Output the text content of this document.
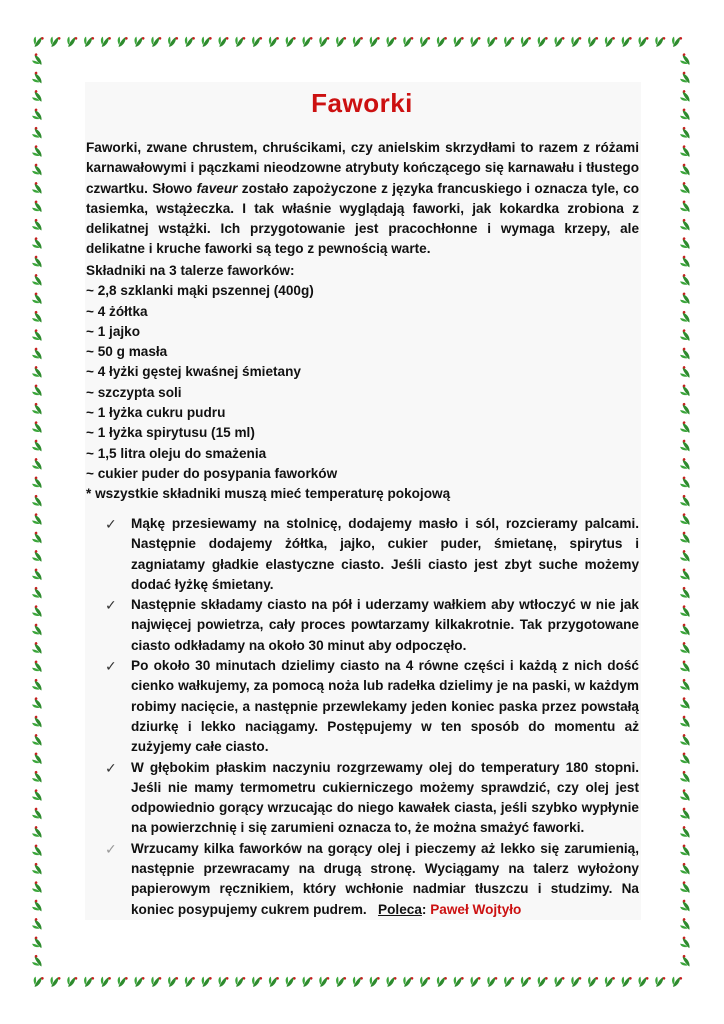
Faworki
Faworki, zwane chrustem, chruścikami, czy anielskim skrzydłami to razem z różami karnawałowymi i pączkami nieodzowne atrybuty kończącego się karnawału i tłustego czwartku. Słowo faveur zostało zapożyczone z języka francuskiego i oznacza tyle, co tasiemka, wstążeczka. I tak właśnie wyglądają faworki, jak kokardka zrobiona z delikatnej wstążki. Ich przygotowanie jest pracochłonne i wymaga krzepy, ale delikatne i kruche faworki są tego z pewnością warte.
Składniki na 3 talerze faworków:
~ 2,8 szklanki mąki pszennej (400g)
~ 4 żółtka
~ 1 jajko
~ 50 g masła
~ 4 łyżki gęstej kwaśnej śmietany
~ szczypta soli
~ 1 łyżka cukru pudru
~ 1 łyżka spirytusu (15 ml)
~ 1,5 litra oleju do smażenia
~ cukier puder do posypania faworków
* wszystkie składniki muszą mieć temperaturę pokojową
✓ Mąkę przesiewamy na stolnicę, dodajemy masło i sól, rozcieramy palcami. Następnie dodajemy żółtka, jajko, cukier puder, śmietanę, spirytus i zagniatamy gładkie elastyczne ciasto. Jeśli ciasto jest zbyt suche możemy dodać łyżkę śmietany.
✓ Następnie składamy ciasto na pół i uderzamy wałkiem aby wtłoczyć w nie jak najwięcej powietrza, cały proces powtarzamy kilkakrotnie. Tak przygotowane ciasto odkładamy na około 30 minut aby odpoczęło.
✓ Po około 30 minutach dzielimy ciasto na 4 równe części i każdą z nich dość cienko wałkujemy, za pomocą noża lub radełka dzielimy je na paski, w każdym robimy nacięcie, a następnie przewlekamy jeden koniec paska przez powstałą dziurkę i lekko naciągamy. Postępujemy w ten sposób do momentu aż zużyjemy całe ciasto.
✓ W głębokim płaskim naczyniu rozgrzewamy olej do temperatury 180 stopni. Jeśli nie mamy termometru cukierniczego możemy sprawdzić, czy olej jest odpowiednio gorący wrzucając do niego kawałek ciasta, jeśli szybko wypłynie na powierzchnię i się zarumieni oznacza to, że można smażyć faworki.
✓ Wrzucamy kilka faworków na gorący olej i pieczemy aż lekko się zarumienią, następnie przewracamy na drugą stronę. Wyciągamy na talerz wyłożony papierowym ręcznikiem, który wchłonie nadmiar tłuszczu i studzimy. Na koniec posypujemy cukrem pudrem. Poleca: Paweł Wojtyło
